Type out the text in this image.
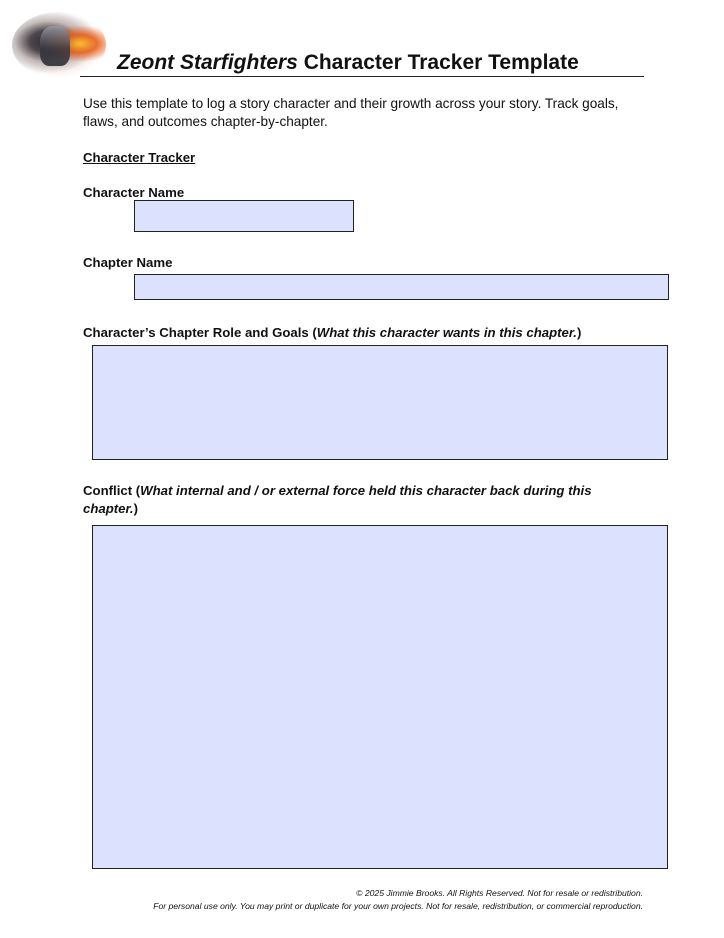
Zeont Starfighters Character Tracker Template

Use this template to log a story character and their growth across your story. Track goals, flaws, and outcomes chapter-by-chapter.

Character Tracker

Character Name

Chapter Name

Character’s Chapter Role and Goals (What this character wants in this chapter.)

Conflict (What internal and / or external force held this character back during this chapter.)

© 2025 Jimmie Brooks. All Rights Reserved. Not for resale or redistribution.

For personal use only. You may print or duplicate for your own projects. Not for resale, redistribution, or commercial reproduction.
